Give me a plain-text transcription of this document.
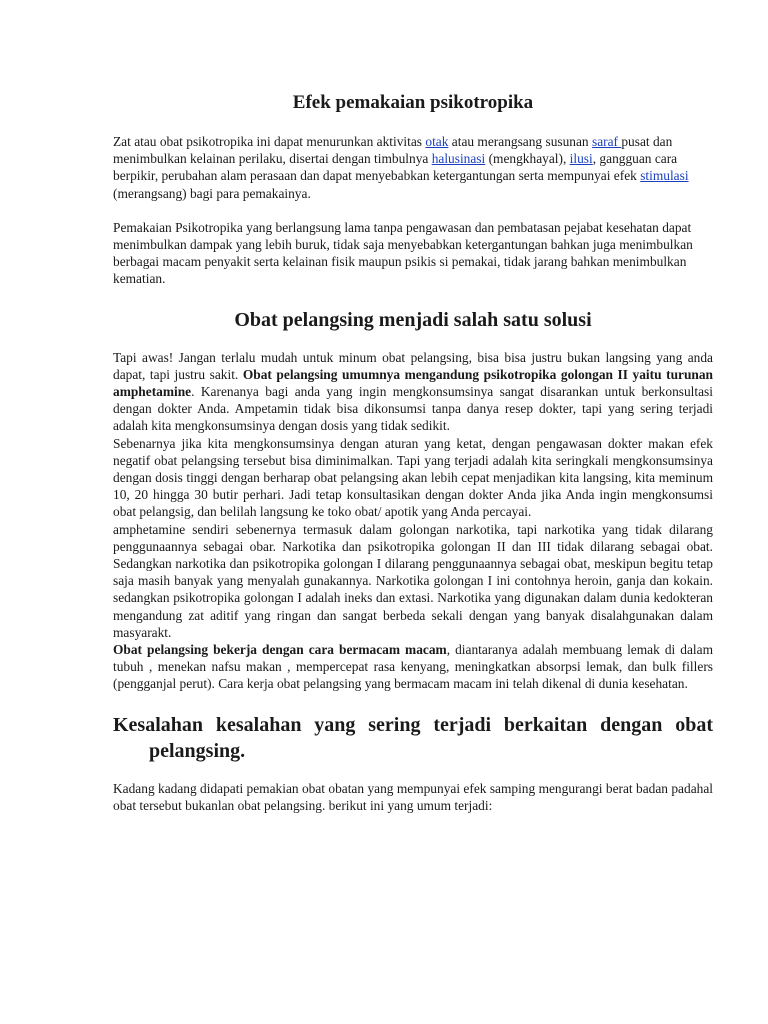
Efek pemakaian psikotropika

Zat atau obat psikotropika ini dapat menurunkan aktivitas otak atau merangsang susunan saraf pusat dan menimbulkan kelainan perilaku, disertai dengan timbulnya halusinasi (mengkhayal), ilusi, gangguan cara berpikir, perubahan alam perasaan dan dapat menyebabkan ketergantungan serta mempunyai efek stimulasi (merangsang) bagi para pemakainya.

Pemakaian Psikotropika yang berlangsung lama tanpa pengawasan dan pembatasan pejabat kesehatan dapat menimbulkan dampak yang lebih buruk, tidak saja menyebabkan ketergantungan bahkan juga menimbulkan berbagai macam penyakit serta kelainan fisik maupun psikis si pemakai, tidak jarang bahkan menimbulkan kematian.

Obat pelangsing menjadi salah satu solusi

Tapi awas! Jangan terlalu mudah untuk minum obat pelangsing, bisa bisa justru bukan langsing yang anda dapat, tapi justru sakit. Obat pelangsing umumnya mengandung psikotropika golongan II yaitu turunan amphetamine. Karenanya bagi anda yang ingin mengkonsumsinya sangat disarankan untuk berkonsultasi dengan dokter Anda. Ampetamin tidak bisa dikonsumsi tanpa danya resep dokter, tapi yang sering terjadi adalah kita mengkonsumsinya dengan dosis yang tidak sedikit.

Sebenarnya jika kita mengkonsumsinya dengan aturan yang ketat, dengan pengawasan dokter makan efek negatif obat pelangsing tersebut bisa diminimalkan. Tapi yang terjadi adalah kita seringkali mengkonsumsinya dengan dosis tinggi dengan berharap obat pelangsing akan lebih cepat menjadikan kita langsing, kita meminum 10, 20 hingga 30 butir perhari. Jadi tetap konsultasikan dengan dokter Anda jika Anda ingin mengkonsumsi obat pelangsig, dan belilah langsung ke toko obat/ apotik yang Anda percayai.

amphetamine sendiri sebenernya termasuk dalam golongan narkotika, tapi narkotika yang tidak dilarang penggunaannya sebagai obar. Narkotika dan psikotropika golongan II dan III tidak dilarang sebagai obat. Sedangkan narkotika dan psikotropika golongan I dilarang penggunaannya sebagai obat, meskipun begitu tetap saja masih banyak yang menyalah gunakannya. Narkotika golongan I ini contohnya heroin, ganja dan kokain. sedangkan psikotropika golongan I adalah ineks dan extasi. Narkotika yang digunakan dalam dunia kedokteran mengandung zat aditif yang ringan dan sangat berbeda sekali dengan yang banyak disalahgunakan dalam masyarakt.

Obat pelangsing bekerja dengan cara bermacam macam, diantaranya adalah membuang lemak di dalam tubuh , menekan nafsu makan , mempercepat rasa kenyang, meningkatkan absorpsi lemak, dan bulk fillers (pengganjal perut). Cara kerja obat pelangsing yang bermacam macam ini telah dikenal di dunia kesehatan.

Kesalahan kesalahan yang sering terjadi berkaitan dengan obat pelangsing.

Kadang kadang didapati pemakian obat obatan yang mempunyai efek samping mengurangi berat badan padahal obat tersebut bukanlan obat pelangsing. berikut ini yang umum terjadi:
